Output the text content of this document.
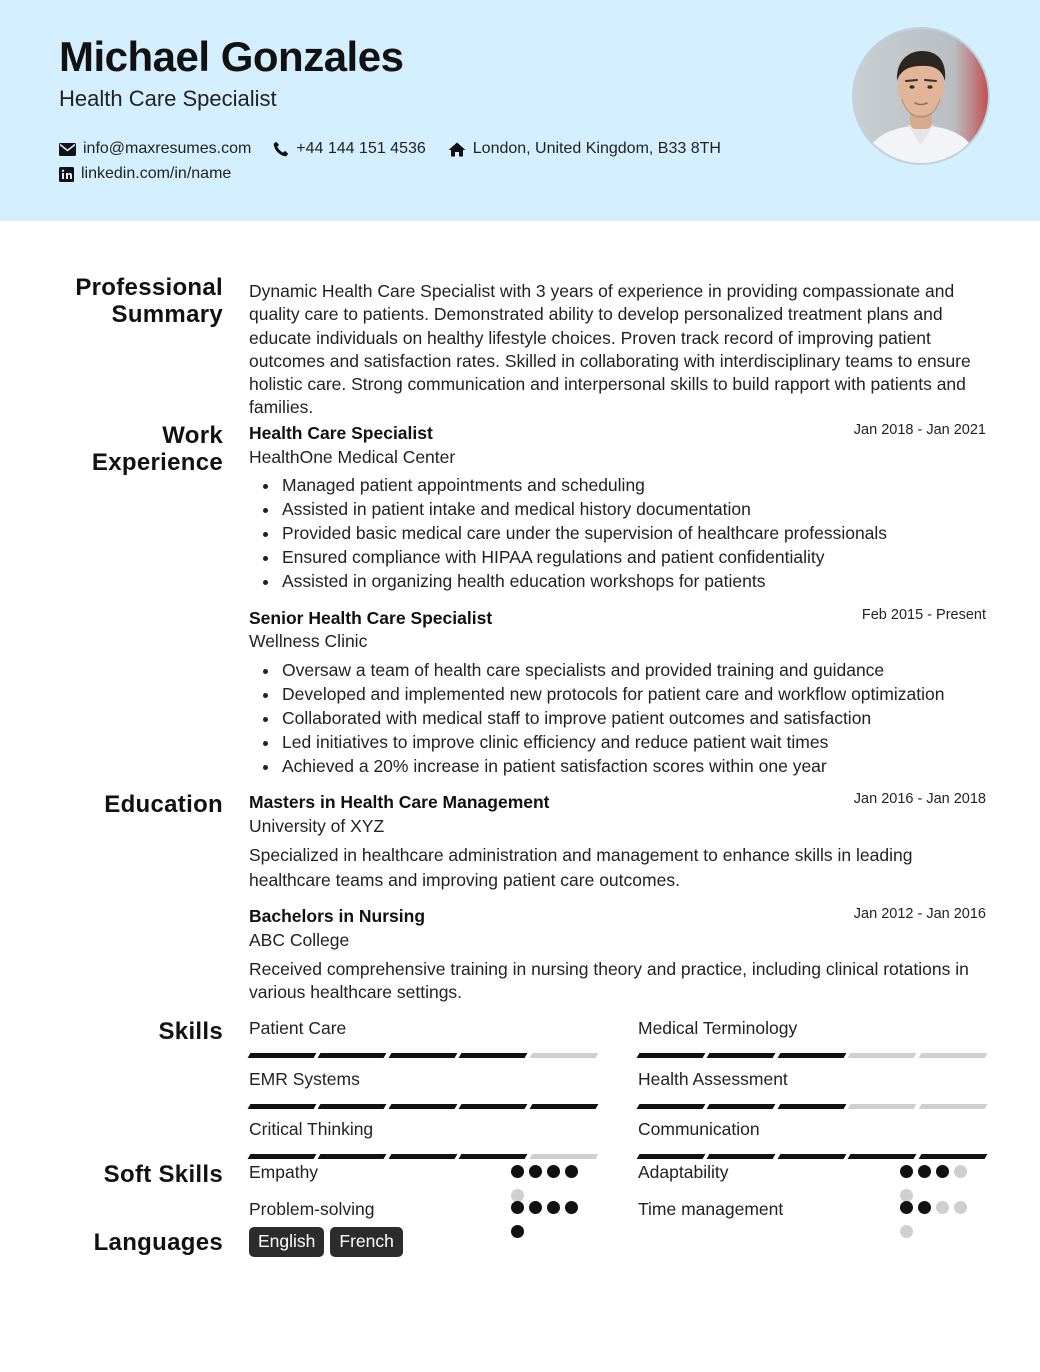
Michael Gonzales
Health Care Specialist
info@maxresumes.com	+44 144 151 4536	London, United Kingdom, B33 8TH
linkedin.com/in/name
Professional
Summary
Dynamic Health Care Specialist with 3 years of experience in providing compassionate and quality care to patients. Demonstrated ability to develop personalized treatment plans and educate individuals on healthy lifestyle choices. Proven track record of improving patient outcomes and satisfaction rates. Skilled in collaborating with interdisciplinary teams to ensure holistic care. Strong communication and interpersonal skills to build rapport with patients and families.
Work
Experience
Health Care Specialist	Jan 2018 - Jan 2021
HealthOne Medical Center
Managed patient appointments and scheduling
Assisted in patient intake and medical history documentation
Provided basic medical care under the supervision of healthcare professionals
Ensured compliance with HIPAA regulations and patient confidentiality
Assisted in organizing health education workshops for patients
Senior Health Care Specialist	Feb 2015 - Present
Wellness Clinic
Oversaw a team of health care specialists and provided training and guidance
Developed and implemented new protocols for patient care and workflow optimization
Collaborated with medical staff to improve patient outcomes and satisfaction
Led initiatives to improve clinic efficiency and reduce patient wait times
Achieved a 20% increase in patient satisfaction scores within one year
Education Masters in Health Care Management	Jan 2016 - Jan 2018
University of XYZ
Specialized in healthcare administration and management to enhance skills in leading healthcare teams and improving patient care outcomes.
Bachelors in Nursing	Jan 2012 - Jan 2016
ABC College
Received comprehensive training in nursing theory and practice, including clinical rotations in various healthcare settings.
Skills Patient Care	Medical Terminology
EMR Systems	Health Assessment
Critical Thinking	Communication
Soft Skills Empathy	Adaptability
Problem-solving	Time management
Languages	English	French
